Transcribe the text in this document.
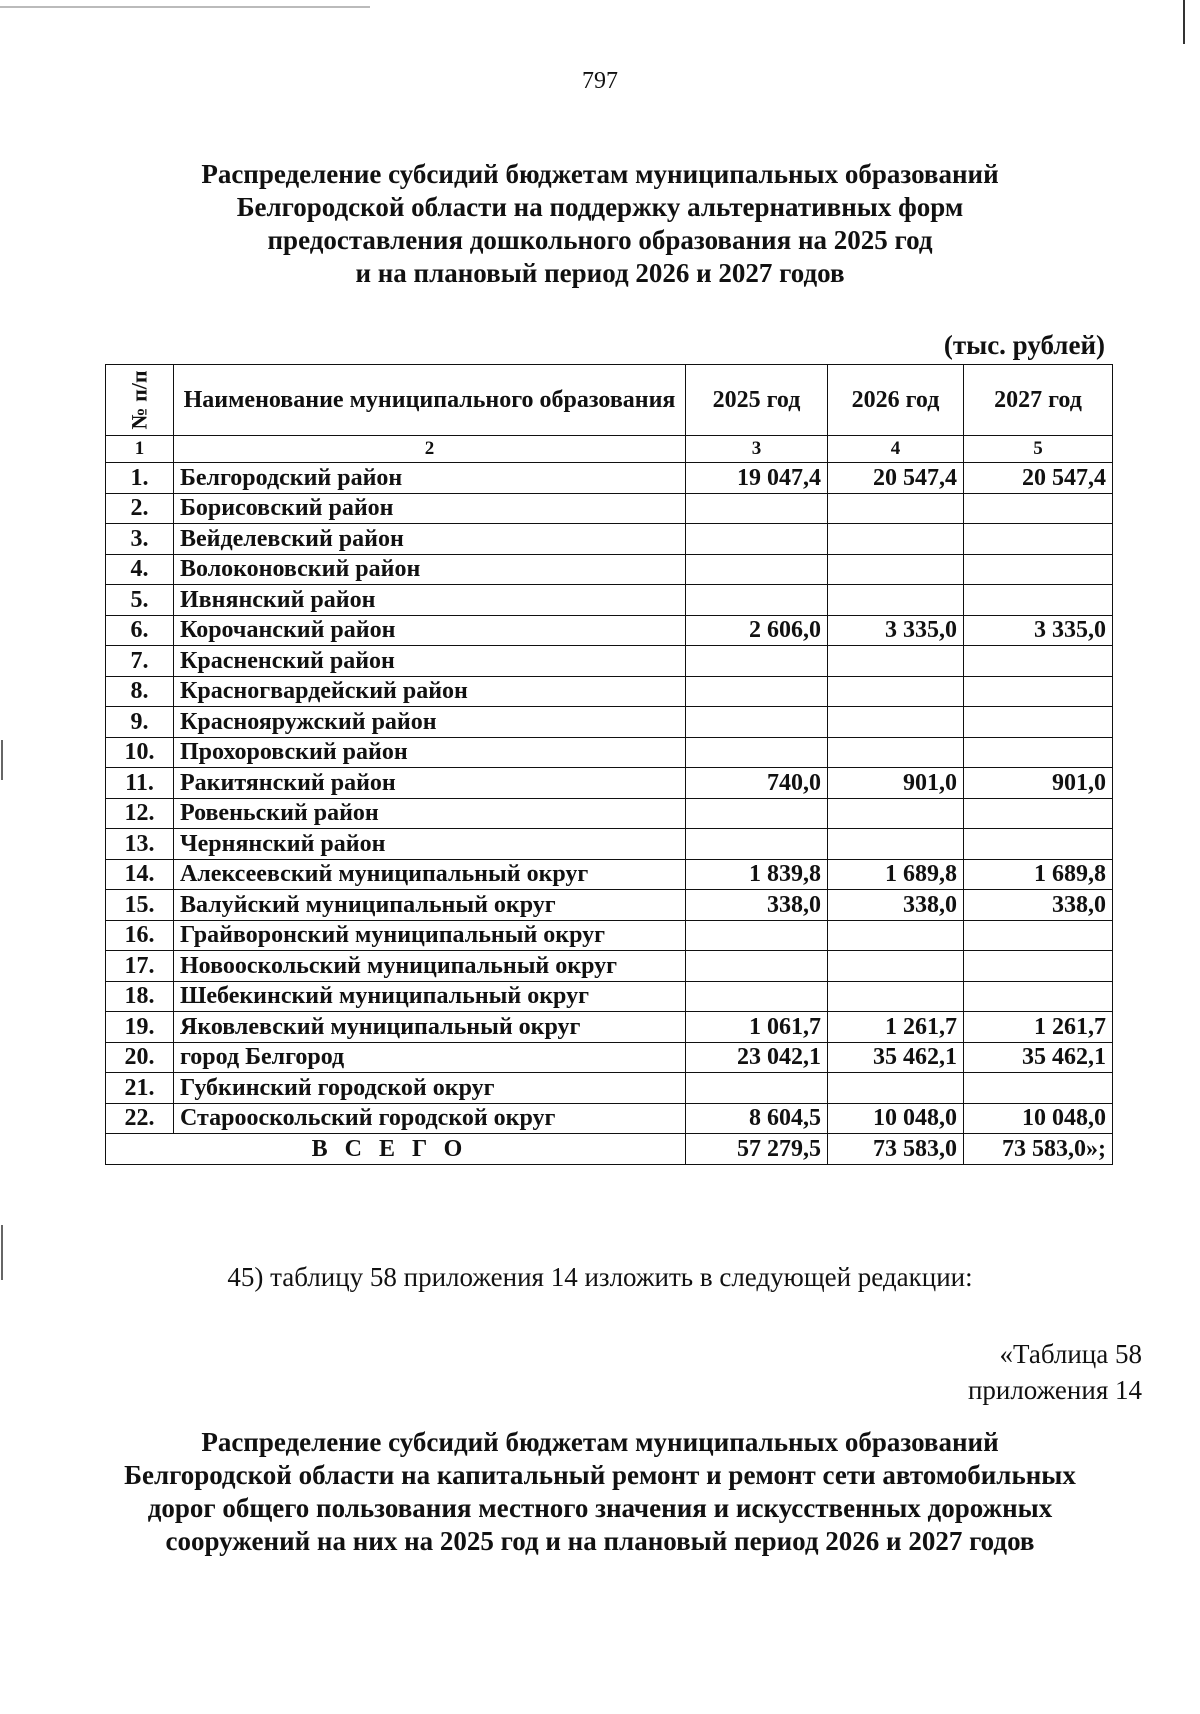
797
Распределение субсидий бюджетам муниципальных образований
Белгородской области на поддержку альтернативных форм
предоставления дошкольного образования на 2025 год
и на плановый период 2026 и 2027 годов
(тыс. рублей)
№ п/п	Наименование муниципального образования	2025 год	2026 год	2027 год
1	2	3	4	5
1.	Белгородский район	19 047,4	20 547,4	20 547,4
2.	Борисовский район			
3.	Вейделевский район			
4.	Волоконовский район			
5.	Ивнянский район			
6.	Корочанский район	2 606,0	3 335,0	3 335,0
7.	Красненский район			
8.	Красногвардейский район			
9.	Краснояружский район			
10.	Прохоровский район			
11.	Ракитянский район	740,0	901,0	901,0
12.	Ровеньский район			
13.	Чернянский район			
14.	Алексеевский муниципальный округ	1 839,8	1 689,8	1 689,8
15.	Валуйский муниципальный округ	338,0	338,0	338,0
16.	Грайворонский муниципальный округ			
17.	Новооскольский муниципальный округ			
18.	Шебекинский муниципальный округ			
19.	Яковлевский муниципальный округ	1 061,7	1 261,7	1 261,7
20.	город Белгород	23 042,1	35 462,1	35 462,1
21.	Губкинский городской округ			
22.	Старооскольский городской округ	8 604,5	10 048,0	10 048,0
ВСЕГО		57 279,5	73 583,0	73 583,0»;
45) таблицу 58 приложения 14 изложить в следующей редакции:
«Таблица 58
приложения 14
Распределение субсидий бюджетам муниципальных образований
Белгородской области на капитальный ремонт и ремонт сети автомобильных
дорог общего пользования местного значения и искусственных дорожных
сооружений на них на 2025 год и на плановый период 2026 и 2027 годов
